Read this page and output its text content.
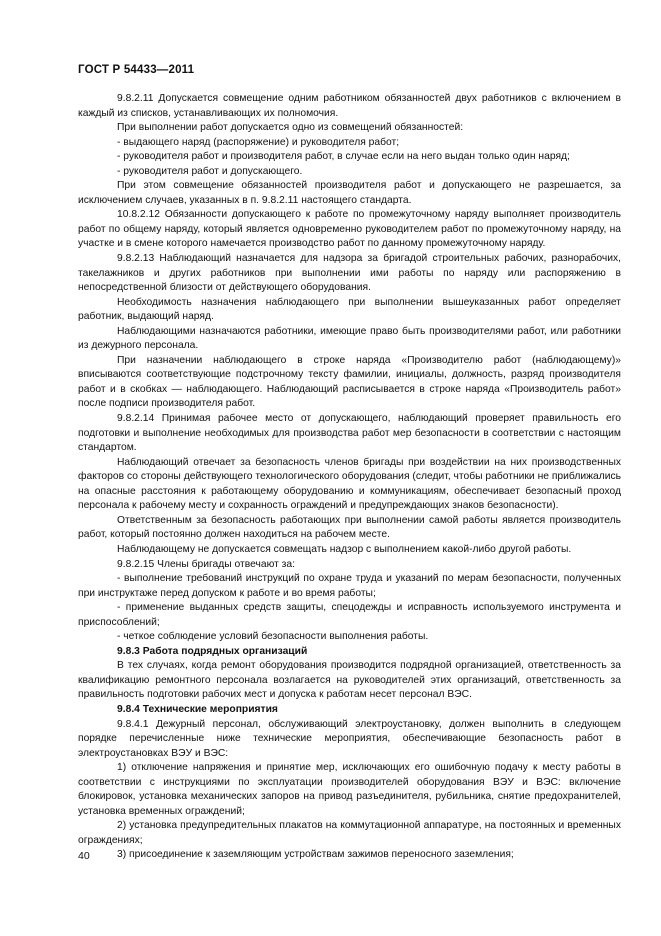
ГОСТ Р 54433—2011

9.8.2.11 Допускается совмещение одним работником обязанностей двух работников с включением в каждый из списков, устанавливающих их полномочия.

При выполнении работ допускается одно из совмещений обязанностей:

- выдающего наряд (распоряжение) и руководителя работ;

- руководителя работ и производителя работ, в случае если на него выдан только один наряд;

- руководителя работ и допускающего.

При этом совмещение обязанностей производителя работ и допускающего не разрешается, за исключением случаев, указанных в п. 9.8.2.11 настоящего стандарта.

10.8.2.12 Обязанности допускающего к работе по промежуточному наряду выполняет производитель работ по общему наряду, который является одновременно руководителем работ по промежуточному наряду, на участке и в смене которого намечается производство работ по данному промежуточному наряду.

9.8.2.13 Наблюдающий назначается для надзора за бригадой строительных рабочих, разнорабочих, такелажников и других работников при выполнении ими работы по наряду или распоряжению в непосредственной близости от действующего оборудования.

Необходимость назначения наблюдающего при выполнении вышеуказанных работ определяет работник, выдающий наряд.

Наблюдающими назначаются работники, имеющие право быть производителями работ, или работники из дежурного персонала.

При назначении наблюдающего в строке наряда «Производителю работ (наблюдающему)» вписываются соответствующие подстрочному тексту фамилии, инициалы, должность, разряд производителя работ и в скобках — наблюдающего. Наблюдающий расписывается в строке наряда «Производитель работ» после подписи производителя работ.

9.8.2.14 Принимая рабочее место от допускающего, наблюдающий проверяет правильность его подготовки и выполнение необходимых для производства работ мер безопасности в соответствии с настоящим стандартом.

Наблюдающий отвечает за безопасность членов бригады при воздействии на них производственных факторов со стороны действующего технологического оборудования (следит, чтобы работники не приближались на опасные расстояния к работающему оборудованию и коммуникациям, обеспечивает безопасный проход персонала к рабочему месту и сохранность ограждений и предупреждающих знаков безопасности).

Ответственным за безопасность работающих при выполнении самой работы является производитель работ, который постоянно должен находиться на рабочем месте.

Наблюдающему не допускается совмещать надзор с выполнением какой-либо другой работы.

9.8.2.15 Члены бригады отвечают за:

- выполнение требований инструкций по охране труда и указаний по мерам безопасности, полученных при инструктаже перед допуском к работе и во время работы;

- применение выданных средств защиты, спецодежды и исправность используемого инструмента и приспособлений;

- четкое соблюдение условий безопасности выполнения работы.

9.8.3 Работа подрядных организаций

В тех случаях, когда ремонт оборудования производится подрядной организацией, ответственность за квалификацию ремонтного персонала возлагается на руководителей этих организаций, ответственность за правильность подготовки рабочих мест и допуска к работам несет персонал ВЭС.

9.8.4 Технические мероприятия

9.8.4.1 Дежурный персонал, обслуживающий электроустановку, должен выполнить в следующем порядке перечисленные ниже технические мероприятия, обеспечивающие безопасность работ в электроустановках ВЭУ и ВЭС:

1) отключение напряжения и принятие мер, исключающих его ошибочную подачу к месту работы в соответствии с инструкциями по эксплуатации производителей оборудования ВЭУ и ВЭС: включение блокировок, установка механических запоров на привод разъединителя, рубильника, снятие предохранителей, установка временных ограждений;

2) установка предупредительных плакатов на коммутационной аппаратуре, на постоянных и временных ограждениях;

3) присоединение к заземляющим устройствам зажимов переносного заземления;

40
